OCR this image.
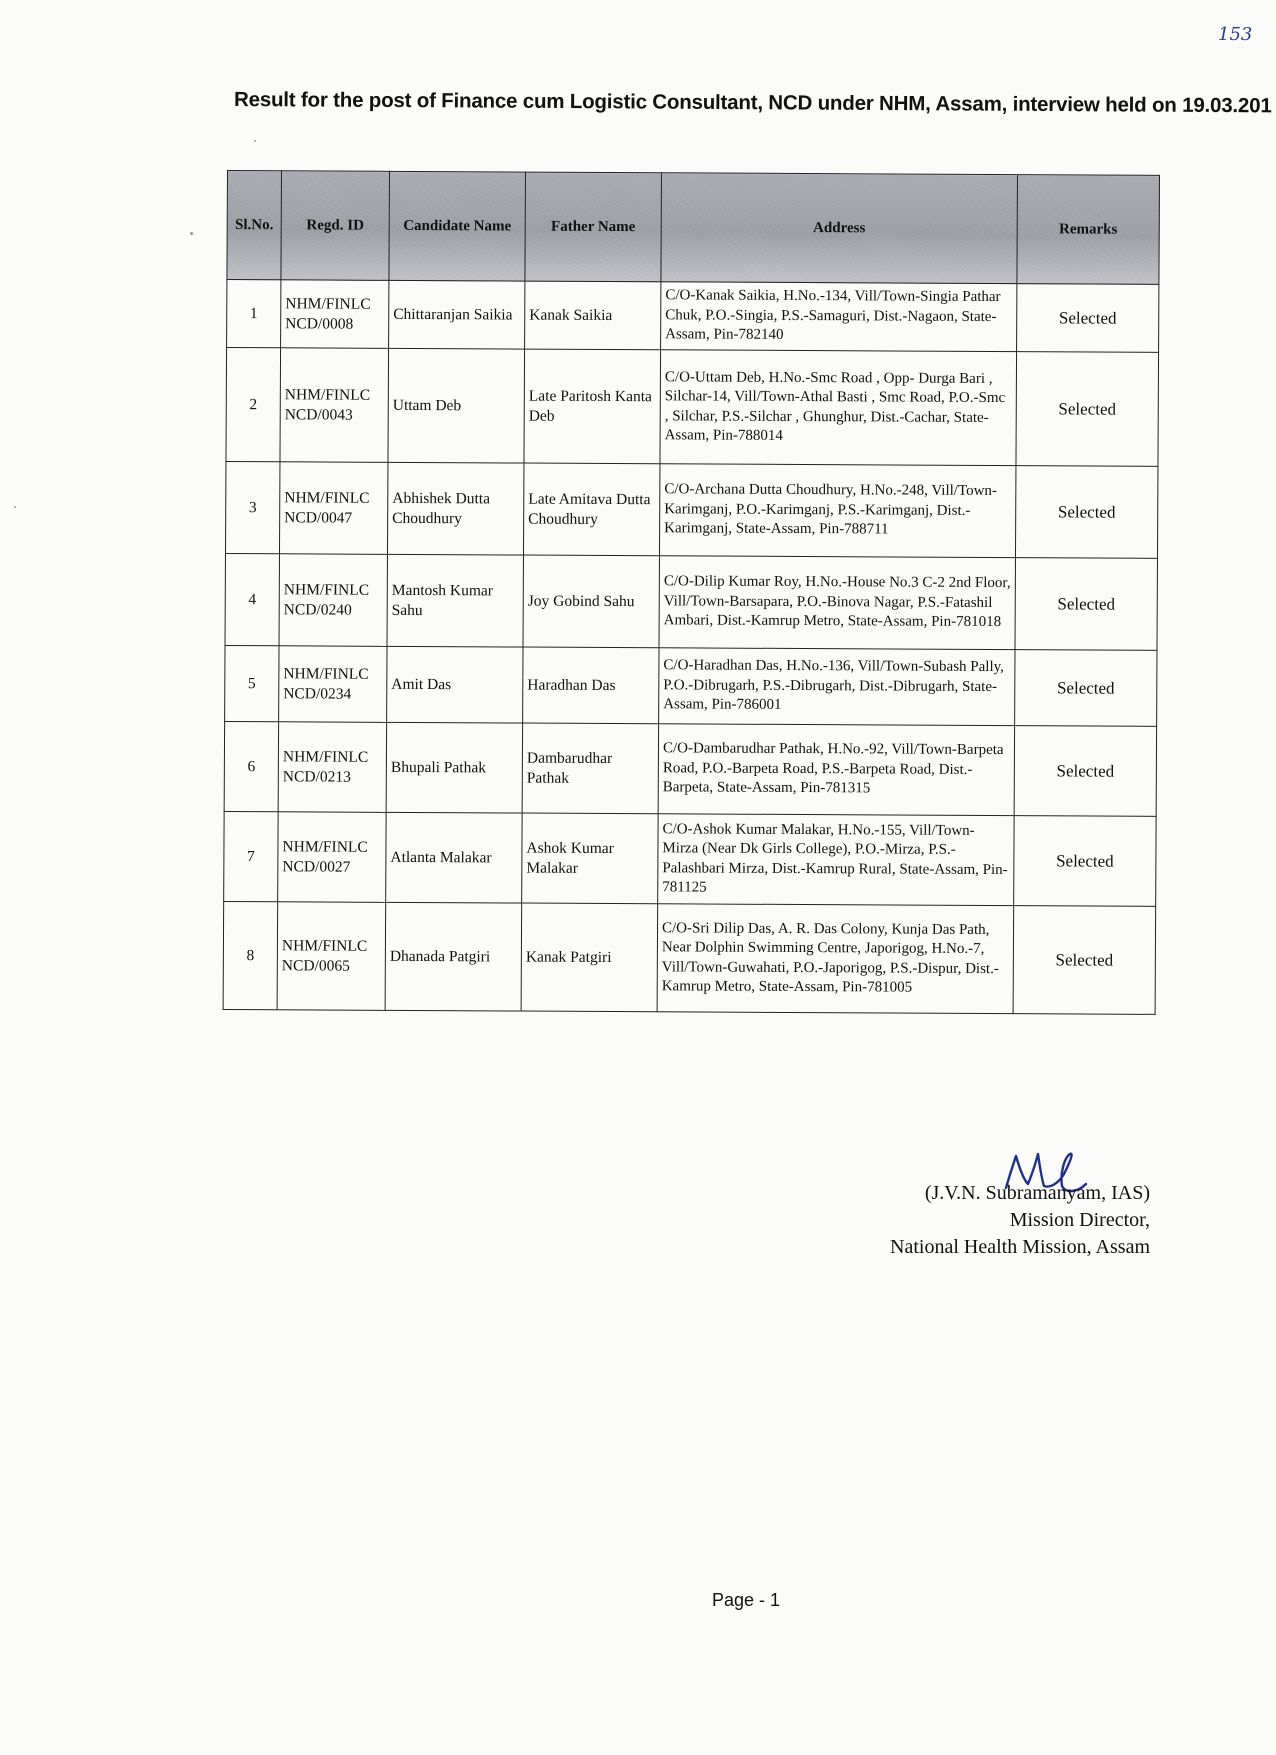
153
Result for the post of Finance cum Logistic Consultant, NCD under NHM, Assam, interview held on 19.03.201
Sl.No.	Regd. ID	Candidate Name	Father Name	Address	Remarks
1	NHM/FINLC NCD/0008	Chittaranjan Saikia	Kanak Saikia	C/O-Kanak Saikia, H.No.-134, Vill/Town-Singia Pathar Chuk, P.O.-Singia, P.S.-Samaguri, Dist.-Nagaon, State-Assam, Pin-782140	Selected
2	NHM/FINLC NCD/0043	Uttam Deb	Late Paritosh Kanta Deb	C/O-Uttam Deb, H.No.-Smc Road , Opp- Durga Bari , Silchar-14, Vill/Town-Athal Basti , Smc Road, P.O.-Smc , Silchar, P.S.-Silchar , Ghunghur, Dist.-Cachar, State-Assam, Pin-788014	Selected
3	NHM/FINLC NCD/0047	Abhishek Dutta Choudhury	Late Amitava Dutta Choudhury	C/O-Archana Dutta Choudhury, H.No.-248, Vill/Town-Karimganj, P.O.-Karimganj, P.S.-Karimganj, Dist.-Karimganj, State-Assam, Pin-788711	Selected
4	NHM/FINLC NCD/0240	Mantosh Kumar Sahu	Joy Gobind Sahu	C/O-Dilip Kumar Roy, H.No.-House No.3 C-2 2nd Floor, Vill/Town-Barsapara, P.O.-Binova Nagar, P.S.-Fatashil Ambari, Dist.-Kamrup Metro, State-Assam, Pin-781018	Selected
5	NHM/FINLC NCD/0234	Amit Das	Haradhan Das	C/O-Haradhan Das, H.No.-136, Vill/Town-Subash Pally, P.O.-Dibrugarh, P.S.-Dibrugarh, Dist.-Dibrugarh, State-Assam, Pin-786001	Selected
6	NHM/FINLC NCD/0213	Bhupali Pathak	Dambarudhar Pathak	C/O-Dambarudhar Pathak, H.No.-92, Vill/Town-Barpeta Road, P.O.-Barpeta Road, P.S.-Barpeta Road, Dist.-Barpeta, State-Assam, Pin-781315	Selected
7	NHM/FINLC NCD/0027	Atlanta Malakar	Ashok Kumar Malakar	C/O-Ashok Kumar Malakar, H.No.-155, Vill/Town-Mirza (Near Dk Girls College), P.O.-Mirza, P.S.-Palashbari Mirza, Dist.-Kamrup Rural, State-Assam, Pin-781125	Selected
8	NHM/FINLC NCD/0065	Dhanada Patgiri	Kanak Patgiri	C/O-Sri Dilip Das, A. R. Das Colony, Kunja Das Path, Near Dolphin Swimming Centre, Japorigog, H.No.-7, Vill/Town-Guwahati, P.O.-Japorigog, P.S.-Dispur, Dist.-Kamrup Metro, State-Assam, Pin-781005	Selected
(J.V.N. Subramanyam, IAS)
Mission Director,
National Health Mission, Assam
Page - 1
